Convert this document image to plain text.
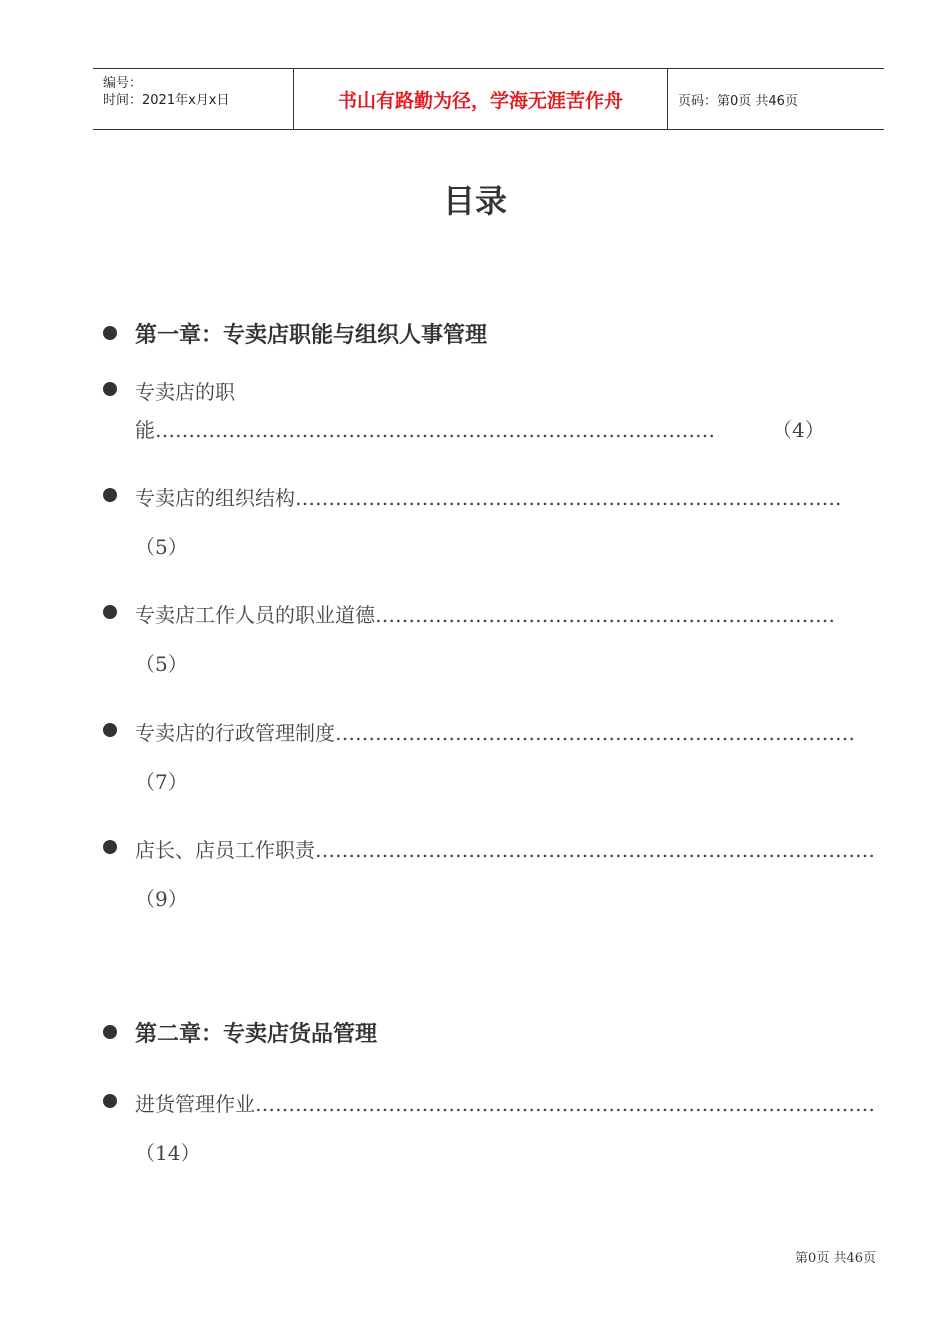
编号：
时间：2021年x月x日	书山有路勤为径，学海无涯苦作舟	页码：第0页 共46页
目录
第一章：专卖店职能与组织人事管理
专卖店的职
能…………………………………………………………………………	（4）
专卖店的组织结构……………………………………………………………………….
（5）
专卖店工作人员的职业道德……………………………………………………………
（5）
专卖店的行政管理制度……………………………………………………………………
（7）
店长、店员工作职责…………………………………………………………………………
（9）
第二章：专卖店货品管理
进货管理作业…………………………………………………………………………………
（14）
第0页 共46页
